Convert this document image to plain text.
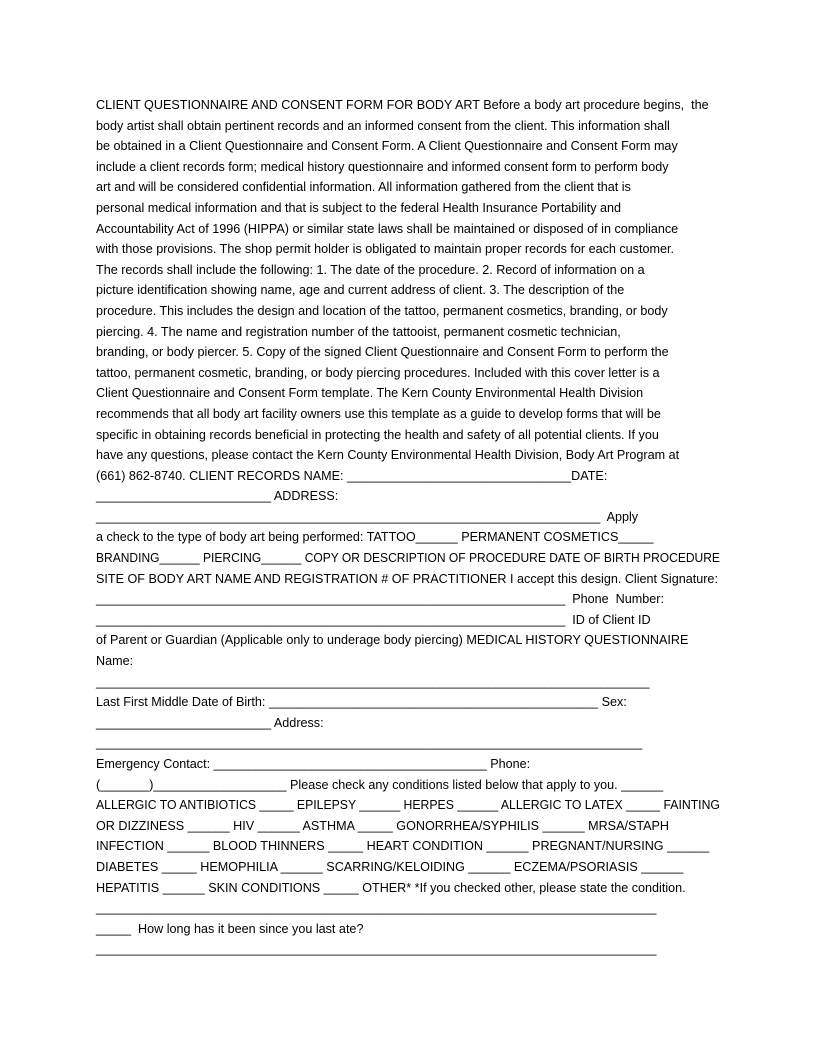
CLIENT QUESTIONNAIRE AND CONSENT FORM FOR BODY ART Before a body art procedure begins,  the
body artist shall obtain pertinent records and an informed consent from the client. This information shall
be obtained in a Client Questionnaire and Consent Form. A Client Questionnaire and Consent Form may
include a client records form; medical history questionnaire and informed consent form to perform body
art and will be considered confidential information. All information gathered from the client that is
personal medical information and that is subject to the federal Health Insurance Portability and
Accountability Act of 1996 (HIPPA) or similar state laws shall be maintained or disposed of in compliance
with those provisions. The shop permit holder is obligated to maintain proper records for each customer.
The records shall include the following: 1. The date of the procedure. 2. Record of information on a
picture identification showing name, age and current address of client. 3. The description of the
procedure. This includes the design and location of the tattoo, permanent cosmetics, branding, or body
piercing. 4. The name and registration number of the tattooist, permanent cosmetic technician,
branding, or body piercer. 5. Copy of the signed Client Questionnaire and Consent Form to perform the
tattoo, permanent cosmetic, branding, or body piercing procedures. Included with this cover letter is a
Client Questionnaire and Consent Form template. The Kern County Environmental Health Division
recommends that all body art facility owners use this template as a guide to develop forms that will be
specific in obtaining records beneficial in protecting the health and safety of all potential clients. If you
have any questions, please contact the Kern County Environmental Health Division, Body Art Program at
(661) 862-8740. CLIENT RECORDS NAME: ________________________________DATE:
_________________________ ADDRESS:
________________________________________________________________________  Apply
a check to the type of body art being performed: TATTOO______ PERMANENT COSMETICS_____
BRANDING______ PIERCING______ COPY OR DESCRIPTION OF PROCEDURE DATE OF BIRTH PROCEDURE
SITE OF BODY ART NAME AND REGISTRATION # OF PRACTITIONER I accept this design. Client Signature:
___________________________________________________________________  Phone  Number:
___________________________________________________________________  ID of Client ID
of Parent or Guardian (Applicable only to underage body piercing) MEDICAL HISTORY QUESTIONNAIRE
Name:
_______________________________________________________________________________
Last First Middle Date of Birth: _______________________________________________ Sex:
_________________________ Address:
______________________________________________________________________________
Emergency Contact: _______________________________________ Phone:
(_______)___________________ Please check any conditions listed below that apply to you. ______
ALLERGIC TO ANTIBIOTICS _____ EPILEPSY ______ HERPES ______ ALLERGIC TO LATEX _____ FAINTING
OR DIZZINESS ______ HIV ______ ASTHMA _____ GONORRHEA/SYPHILIS ______ MRSA/STAPH
INFECTION ______ BLOOD THINNERS _____ HEART CONDITION ______ PREGNANT/NURSING ______
DIABETES _____ HEMOPHILIA ______ SCARRING/KELOIDING ______ ECZEMA/PSORIASIS ______
HEPATITIS ______ SKIN CONDITIONS _____ OTHER* *If you checked other, please state the condition.
________________________________________________________________________________
_____  How long has it been since you last ate?
________________________________________________________________________________
